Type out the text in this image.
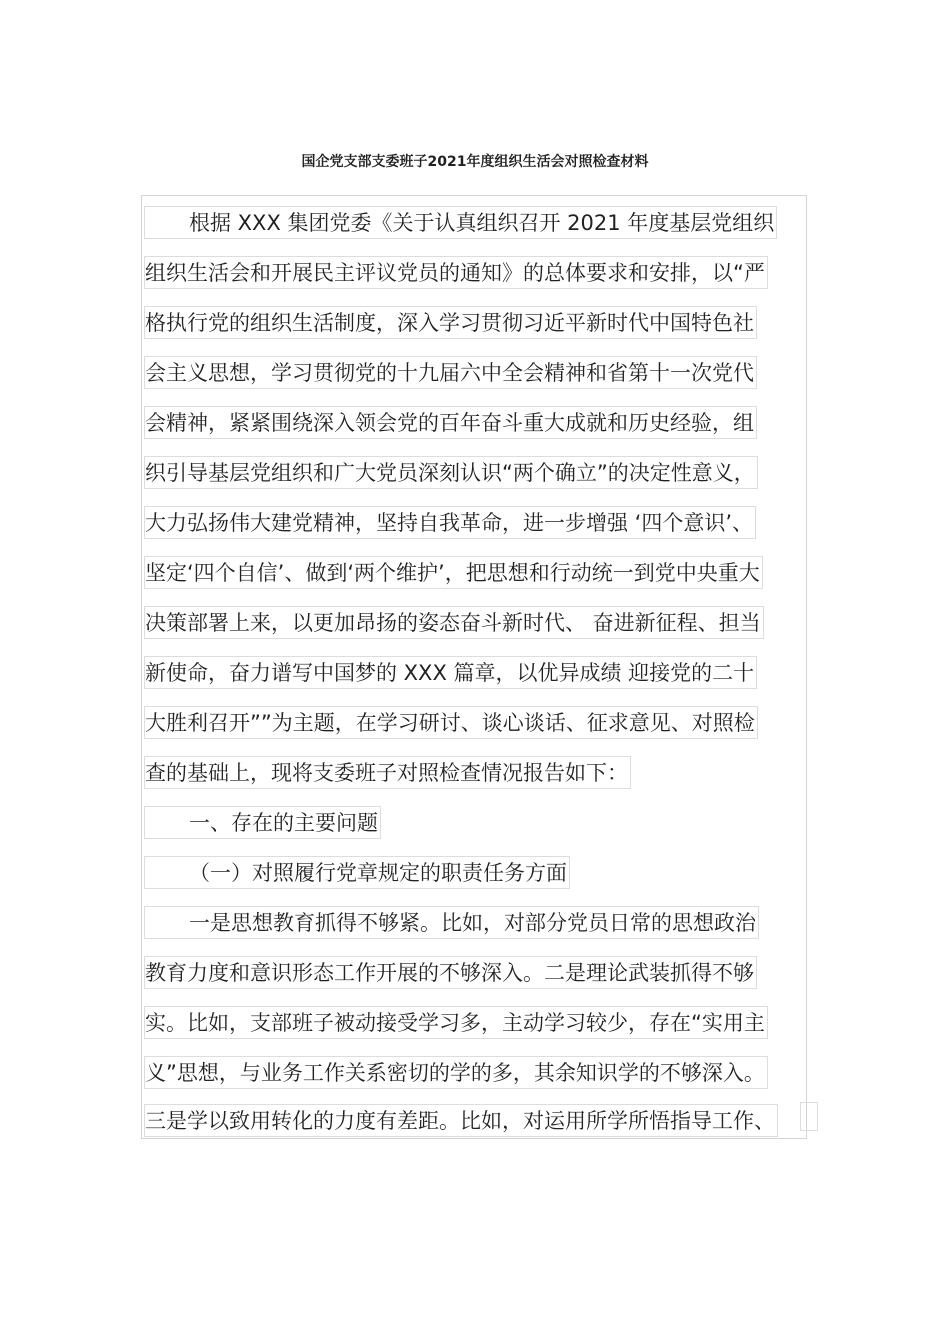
国企党支部支委班子2021年度组织生活会对照检查材料
根据 XXX 集团党委《关于认真组织召开 2021 年度基层党组织
组织生活会和开展民主评议党员的通知》的总体要求和安排，以“严
格执行党的组织生活制度，深入学习贯彻习近平新时代中国特色社
会主义思想，学习贯彻党的十九届六中全会精神和省第十一次党代
会精神，紧紧围绕深入领会党的百年奋斗重大成就和历史经验，组
织引导基层党组织和广大党员深刻认识“两个确立”的决定性意义，
大力弘扬伟大建党精神，坚持自我革命，进一步增强 ‘四个意识’、
坚定‘四个自信’、做到‘两个维护’，把思想和行动统一到党中央重大
决策部署上来，以更加昂扬的姿态奋斗新时代、 奋进新征程、担当
新使命，奋力谱写中国梦的 XXX 篇章，以优异成绩 迎接党的二十
大胜利召开””为主题，在学习研讨、谈心谈话、征求意见、对照检
查的基础上，现将支委班子对照检查情况报告如下：
一、存在的主要问题
（一）对照履行党章规定的职责任务方面
一是思想教育抓得不够紧。比如，对部分党员日常的思想政治
教育力度和意识形态工作开展的不够深入。二是理论武装抓得不够
实。比如，支部班子被动接受学习多，主动学习较少，存在“实用主
义”思想，与业务工作关系密切的学的多，其余知识学的不够深入。
三是学以致用转化的力度有差距。比如，对运用所学所悟指导工作、
